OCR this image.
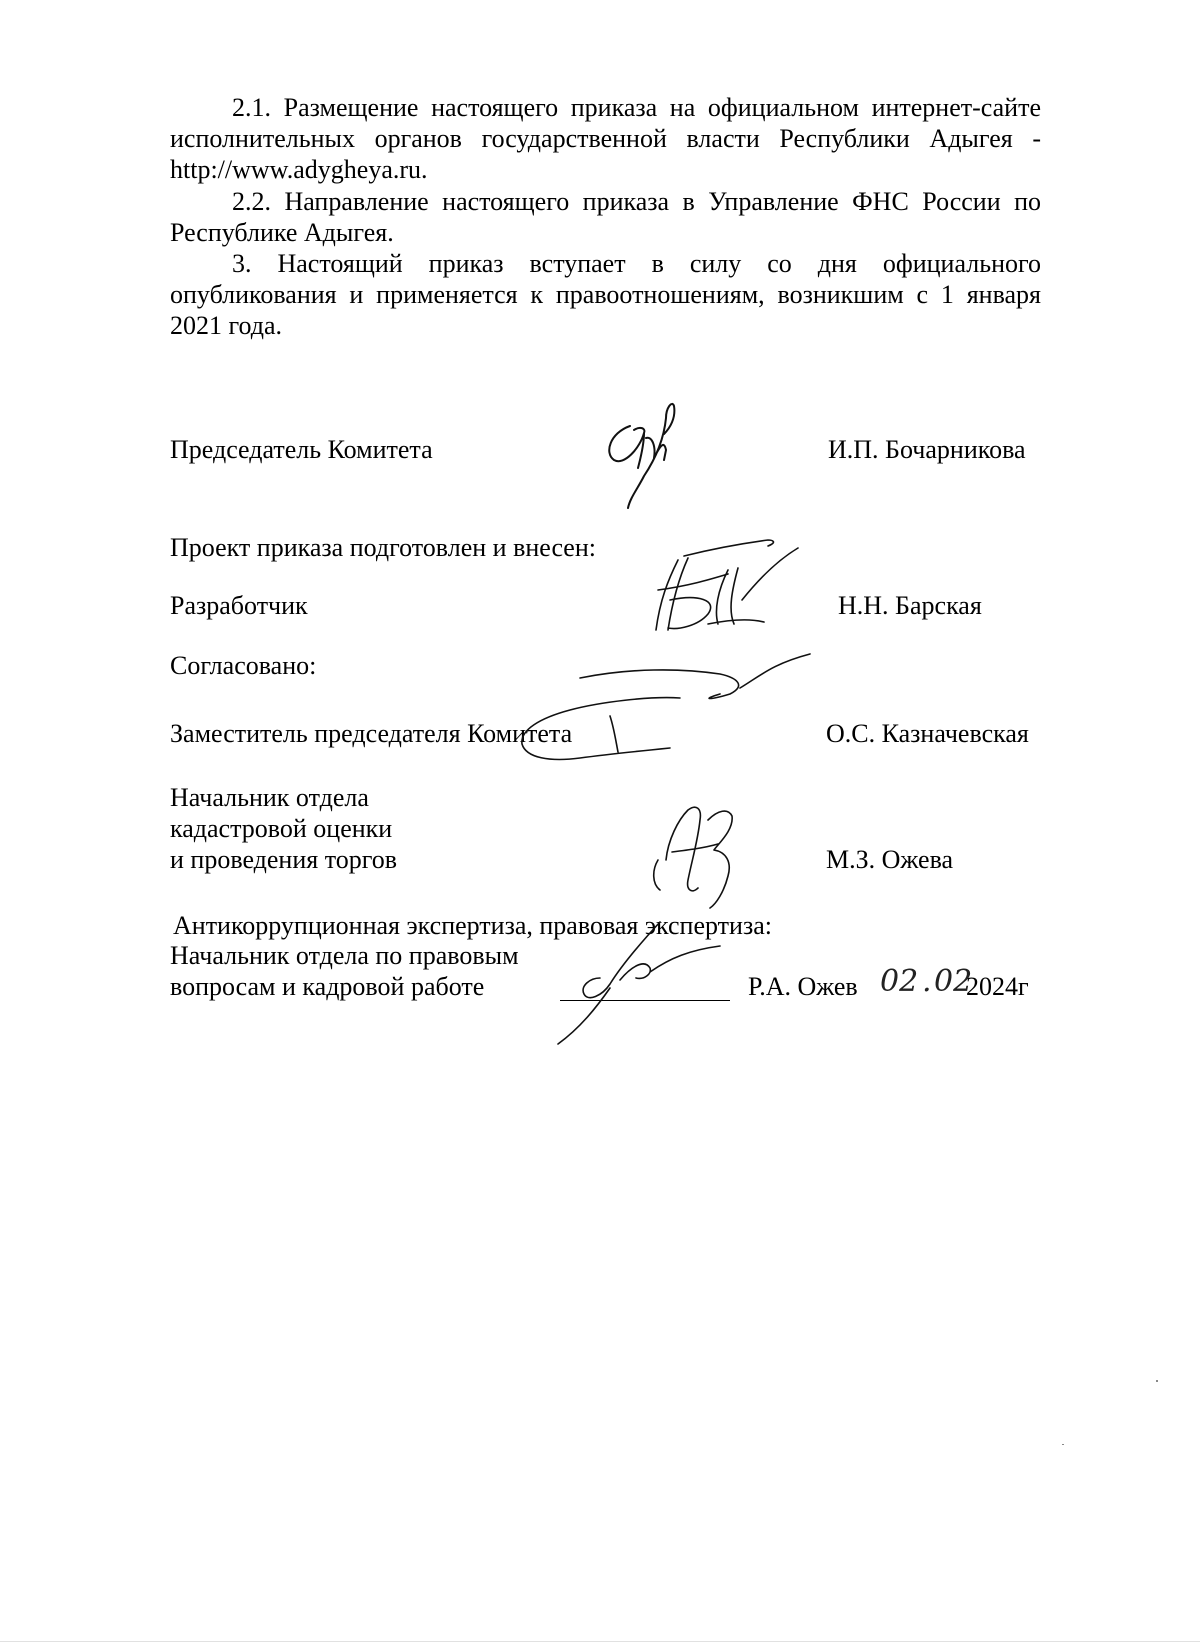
2.1. Размещение настоящего приказа на официальном интернет-сайте исполнительных органов государственной власти Республики Адыгея - http://www.adygheya.ru.

2.2. Направление настоящего приказа в Управление ФНС России по Республике Адыгея.

3. Настоящий приказ вступает в силу со дня официального опубликования и применяется к правоотношениям, возникшим с 1 января 2021 года.

Председатель Комитета	И.П. Бочарникова
Проект приказа подготовлен и внесен:
Разработчик	Н.Н. Барская
Согласовано:
Заместитель председателя Комитета	О.С. Казначевская
Начальник отдела
кадастровой оценки
и проведения торгов	М.З. Ожева
Антикоррупционная экспертиза, правовая экспертиза:
Начальник отдела по правовым
вопросам и кадровой работе	Р.А. Ожев 02 . 02
2024г
